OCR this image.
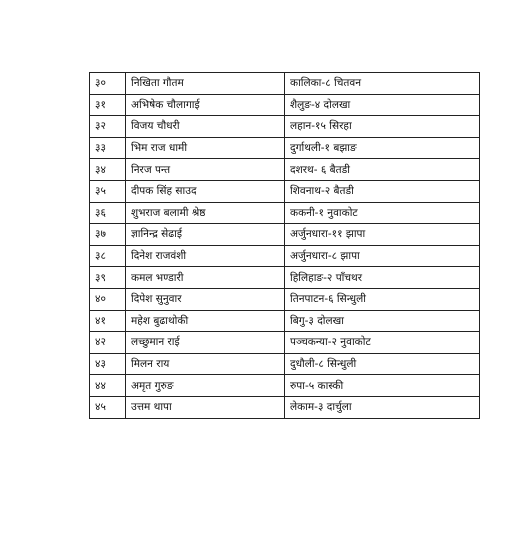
३०	निखिता गौतम	कालिका-८ चितवन
३१	अभिषेक चौलागाई	शैलुङ-४ दोलखा
३२	विजय चौधरी	लहान-१५ सिरहा
३३	भिम राज धामी	दुर्गाथली-१ बझाङ
३४	निरज पन्त	दशरथ- ६ बैतडी
३५	दीपक सिंह साउद	शिवनाथ-२ बैतडी
३६	शुभराज बलामी श्रेष्ठ	ककनी-१ नुवाकोट
३७	ज्ञानिन्द्र सेढाई	अर्जुनधारा-११ झापा
३८	दिनेश राजवंशी	अर्जुनधारा-८ झापा
३९	कमल भण्डारी	हिलिहाङ-२ पाँचथर
४०	दिपेश सुनुवार	तिनपाटन-६ सिन्धुली
४१	महेश बुढाथोकी	बिगु-३ दोलखा
४२	लच्छुमान राई	पञ्चकन्या-२ नुवाकोट
४३	मिलन राय	दुधौली-८ सिन्धुली
४४	अमृत गुरुङ	रुपा-५ कास्की
४५	उत्तम थापा	लेकाम-३ दार्चुला
